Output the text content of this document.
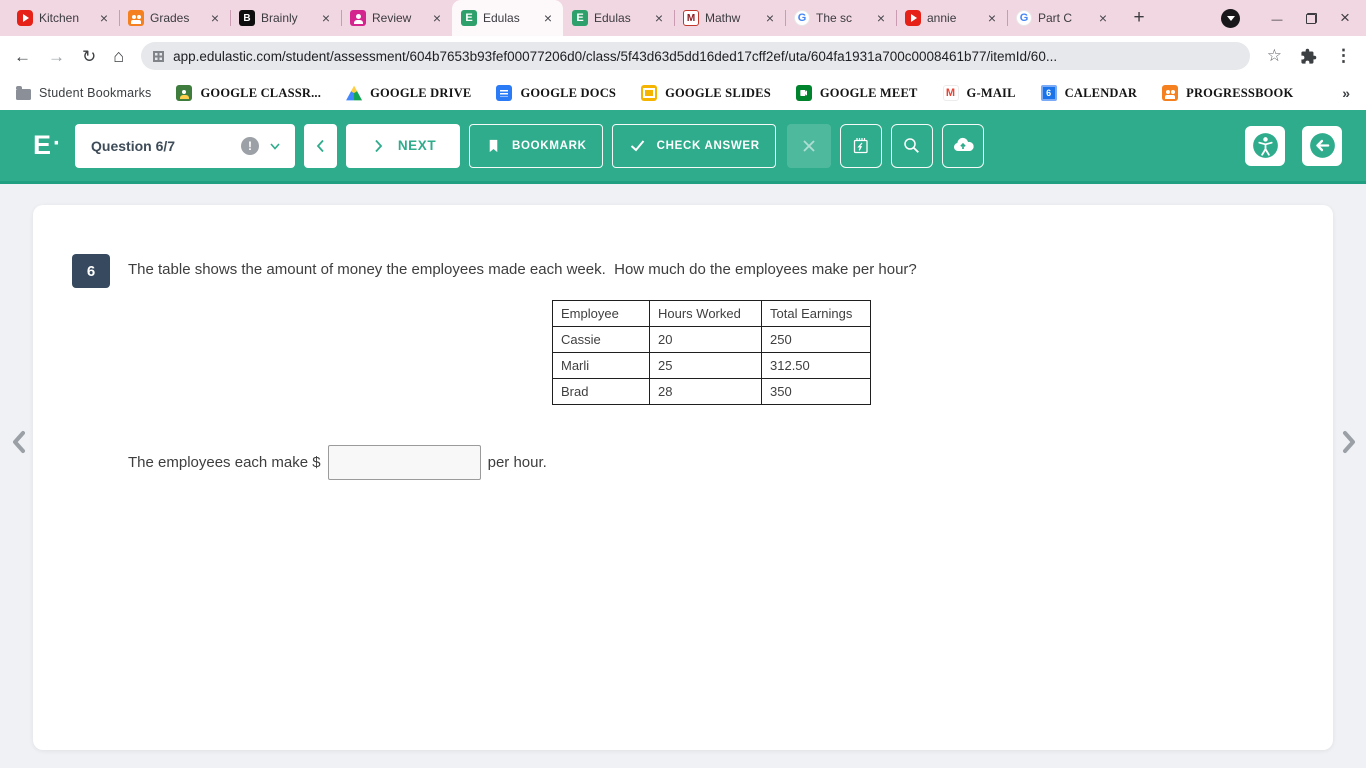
Kitchen ×	Grades × B	Brainly ×	Review × E	Edulas × E	Edulas × M	Mathw × G	The sc ×	annie × G	Part C
×
+
—
×
←
→
↻
⌂
app.edulastic.com/student/assessment/604b7653b93fef00077206d0/class/5f43d63d5dd16ded17cff2ef/uta/604fa1931a700c0008461b77/itemId/60...
☆
⋮
Student Bookmarks	GOOGLE CLASSR...	GOOGLE DRIVE	GOOGLE DOCS	GOOGLE SLIDES	GOOGLE MEET M	G-MAIL 6	CALENDAR	PROGRESSBOOK
»
E ·	Question 6/7 !	NEXT	BOOKMARK	CHECK ANSWER
6	The table shows the amount of money the employees made each week.  How much do the employees make per hour?
Employee	Hours Worked	Total Earnings
Cassie	20	250
Marli	25	312.50
Brad	28	350
The employees each make $	per hour.
